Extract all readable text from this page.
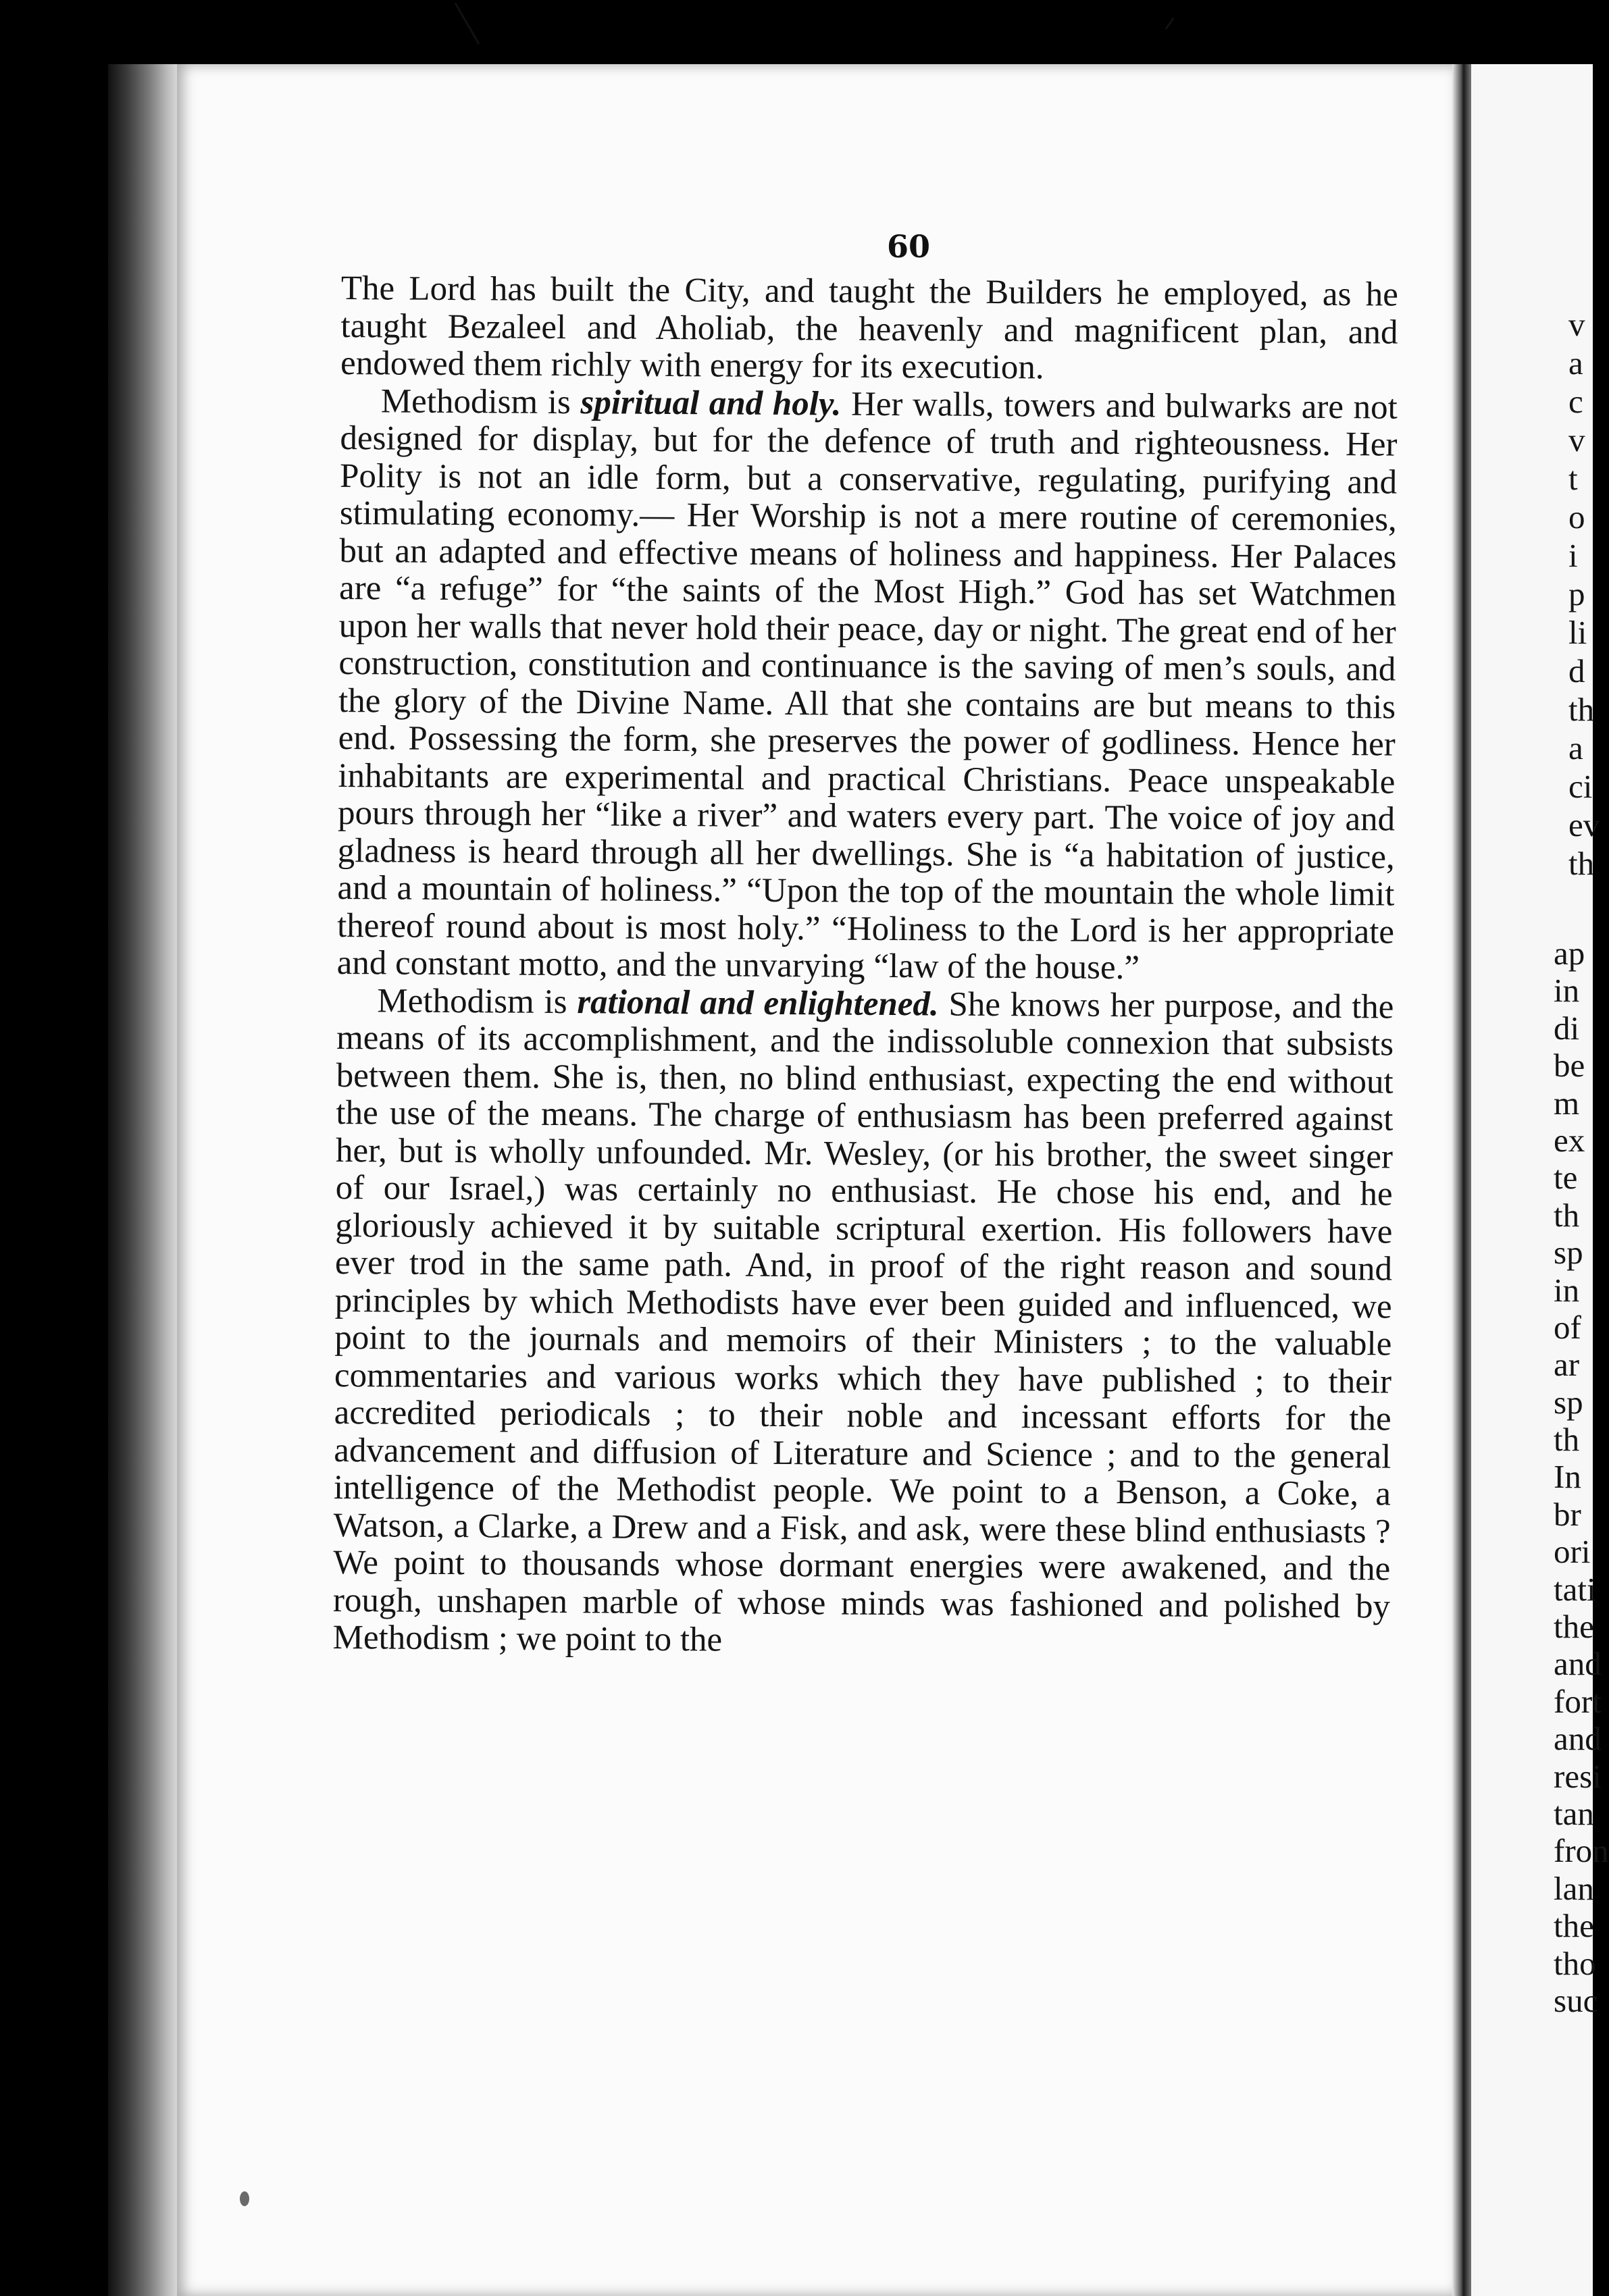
60

The Lord has built the City, and taught the Builders he employed, as he taught Bezaleel and Aholiab, the heavenly and magnificent plan, and endowed them richly with energy for its execution.

Methodism is spiritual and holy. Her walls, towers and bulwarks are not designed for display, but for the defence of truth and righteousness. Her Polity is not an idle form, but a conservative, regulating, purifying and stimulating economy.— Her Worship is not a mere routine of ceremonies, but an adapted and effective means of holiness and happiness. Her Palaces are “a refuge” for “the saints of the Most High.” God has set Watchmen upon her walls that never hold their peace, day or night. The great end of her construction, constitution and continuance is the saving of men’s souls, and the glory of the Divine Name. All that she contains are but means to this end. Possessing the form, she preserves the power of godliness. Hence her inhabitants are experimental and practical Christians. Peace unspeakable pours through her “like a river” and waters every part. The voice of joy and gladness is heard through all her dwellings. She is “a habitation of justice, and a mountain of holiness.” “Upon the top of the mountain the whole limit thereof round about is most holy.” “Holiness to the Lord is her appropriate and constant motto, and the unvarying “law of the house.”

Methodism is rational and enlightened. She knows her purpose, and the means of its accomplishment, and the indissoluble connexion that subsists between them. She is, then, no blind enthusiast, expecting the end without the use of the means. The charge of enthusiasm has been preferred against her, but is wholly unfounded. Mr. Wesley, (or his brother, the sweet singer of our Israel,) was certainly no enthusiast. He chose his end, and he gloriously achieved it by suitable scriptural exertion. His followers have ever trod in the same path. And, in proof of the right reason and sound principles by which Methodists have ever been guided and influenced, we point to the journals and memoirs of their Ministers ; to the valuable commentaries and various works which they have published ; to their accredited periodicals ; to their noble and incessant efforts for the advancement and diffusion of Literature and Science ; and to the general intelligence of the Methodist people. We point to a Benson, a Coke, a Watson, a Clarke, a Drew and a Fisk, and ask, were these blind enthusiasts ? We point to thousands whose dormant energies were awakened, and the rough, unshapen marble of whose minds was fashioned and polished by Methodism ; we point to the

v
a
c
v
t
o
i
p
li
d
th
a
ci
ev
th
ap
in
di
be
m
ex
te
th
sp
in
of
ar
sp
th
In
br
ori
tati
the
and
fort
and
resi
tan
fron
lan
the
tho
suc
